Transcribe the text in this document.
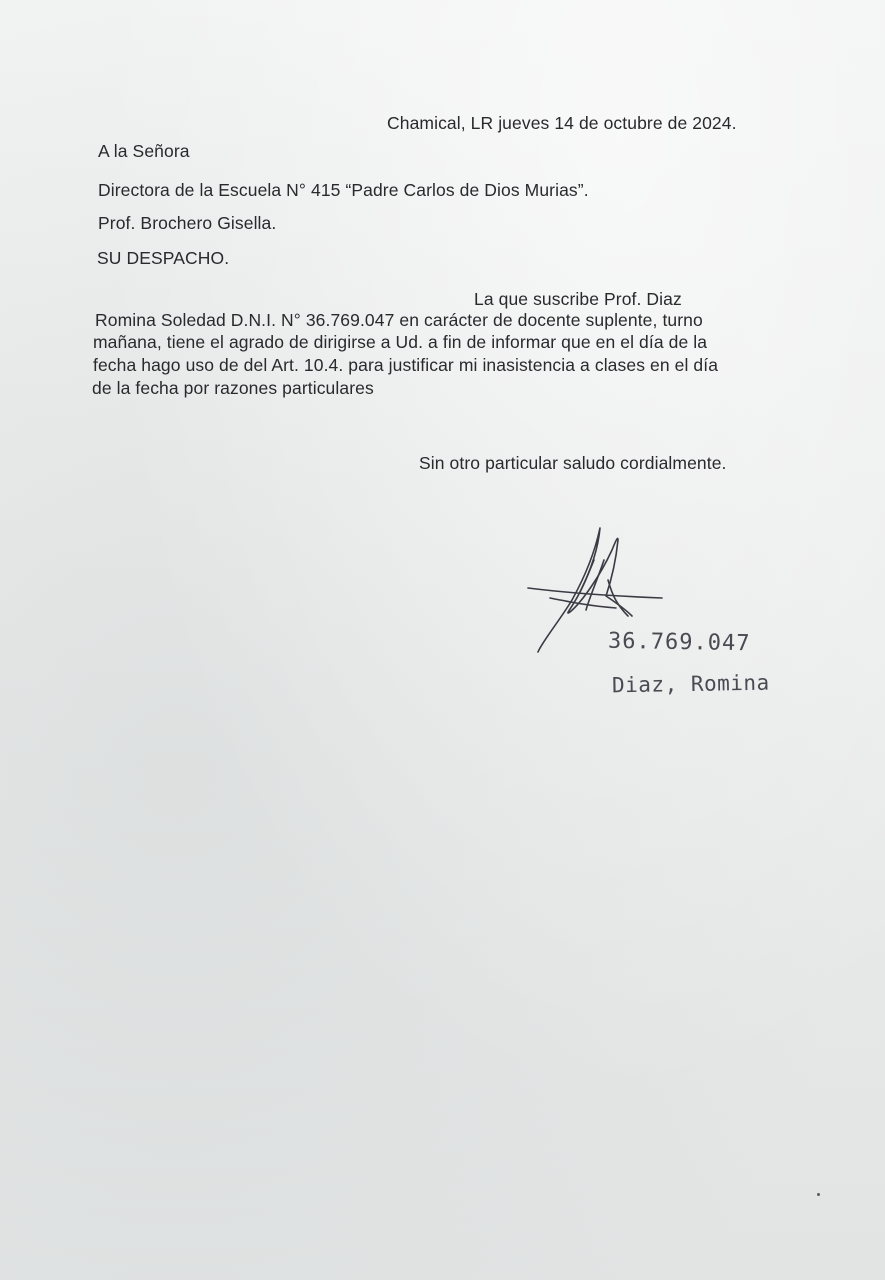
Chamical, LR jueves 14 de octubre de 2024.
A la Señora
Directora de la Escuela N° 415 “Padre Carlos de Dios Murias”.
Prof. Brochero Gisella.
SU DESPACHO.
La que suscribe Prof. Diaz
Romina Soledad D.N.I. N° 36.769.047 en carácter de docente suplente, turno
mañana, tiene el agrado de dirigirse a Ud. a fin de informar que en el día de la
fecha hago uso de del Art. 10.4. para justificar mi inasistencia a clases en el día
de la fecha por razones particulares
Sin otro particular saludo cordialmente.
36.769.047
Diaz, Romina
